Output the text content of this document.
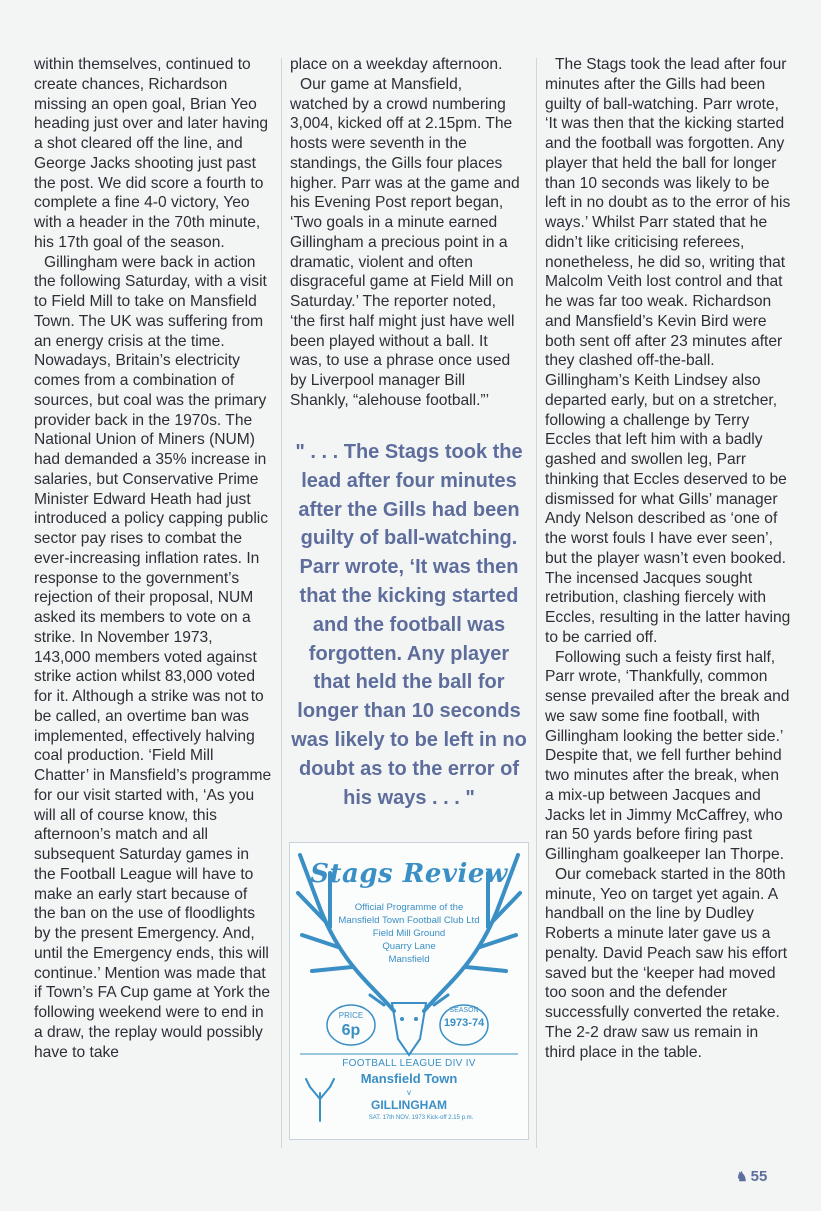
within themselves, continued to create chances, Richardson missing an open goal, Brian Yeo heading just over and later having a shot cleared off the line, and George Jacks shooting just past the post. We did score a fourth to complete a fine 4-0 victory, Yeo with a header in the 70th minute, his 17th goal of the season.

Gillingham were back in action the following Saturday, with a visit to Field Mill to take on Mansfield Town. The UK was suffering from an energy crisis at the time. Nowadays, Britain’s electricity comes from a combination of sources, but coal was the primary provider back in the 1970s. The National Union of Miners (NUM) had demanded a 35% increase in salaries, but Conservative Prime Minister Edward Heath had just introduced a policy capping public sector pay rises to combat the ever-increasing inflation rates. In response to the government’s rejection of their proposal, NUM asked its members to vote on a strike. In November 1973, 143,000 members voted against strike action whilst 83,000 voted for it. Although a strike was not to be called, an overtime ban was implemented, effectively halving coal production. ‘Field Mill Chatter’ in Mansfield’s programme for our visit started with, ‘As you will all of course know, this afternoon’s match and all subsequent Saturday games in the Football League will have to make an early start because of the ban on the use of floodlights by the present Emergency. And, until the Emergency ends, this will continue.’ Mention was made that if Town’s FA Cup game at York the following weekend were to end in a draw, the replay would possibly have to take

place on a weekday afternoon.

Our game at Mansfield, watched by a crowd numbering 3,004, kicked off at 2.15pm. The hosts were seventh in the standings, the Gills four places higher. Parr was at the game and his Evening Post report began, ‘Two goals in a minute earned Gillingham a precious point in a dramatic, violent and often disgraceful game at Field Mill on Saturday.’ The reporter noted, ‘the first half might just have well been played without a ball. It was, to use a phrase once used by Liverpool manager Bill Shankly, “alehouse football.”’

" . . . The Stags took the lead after four minutes after the Gills had been guilty of ball-watching. Parr wrote, ‘It was then that the kicking started and the football was forgotten. Any player that held the ball for longer than 10 seconds was likely to be left in no doubt as to the error of his ways . . . "

Stags Review
Official Programme of the
Mansfield Town Football Club Ltd
Field Mill Ground
Quarry Lane
Mansfield
PRICE
6p
SEASON
1973-74
FOOTBALL LEAGUE DIV IV
Mansfield Town
v
GILLINGHAM
SAT. 17th NOV. 1973 Kick-off 2.15 p.m.

The Stags took the lead after four minutes after the Gills had been guilty of ball-watching. Parr wrote, ‘It was then that the kicking started and the football was forgotten. Any player that held the ball for longer than 10 seconds was likely to be left in no doubt as to the error of his ways.’ Whilst Parr stated that he didn’t like criticising referees, nonetheless, he did so, writing that Malcolm Veith lost control and that he was far too weak. Richardson and Mansfield’s Kevin Bird were both sent off after 23 minutes after they clashed off-the-ball. Gillingham’s Keith Lindsey also departed early, but on a stretcher, following a challenge by Terry Eccles that left him with a badly gashed and swollen leg, Parr thinking that Eccles deserved to be dismissed for what Gills’ manager Andy Nelson described as ‘one of the worst fouls I have ever seen’, but the player wasn’t even booked. The incensed Jacques sought retribution, clashing fiercely with Eccles, resulting in the latter having to be carried off.

Following such a feisty first half, Parr wrote, ‘Thankfully, common sense prevailed after the break and we saw some fine football, with Gillingham looking the better side.’ Despite that, we fell further behind two minutes after the break, when a mix-up between Jacques and Jacks let in Jimmy McCaffrey, who ran 50 yards before firing past Gillingham goalkeeper Ian Thorpe.

Our comeback started in the 80th minute, Yeo on target yet again. A handball on the line by Dudley Roberts a minute later gave us a penalty. David Peach saw his effort saved but the ‘keeper had moved too soon and the defender successfully converted the retake. The 2-2 draw saw us remain in third place in the table.

♞ 55
